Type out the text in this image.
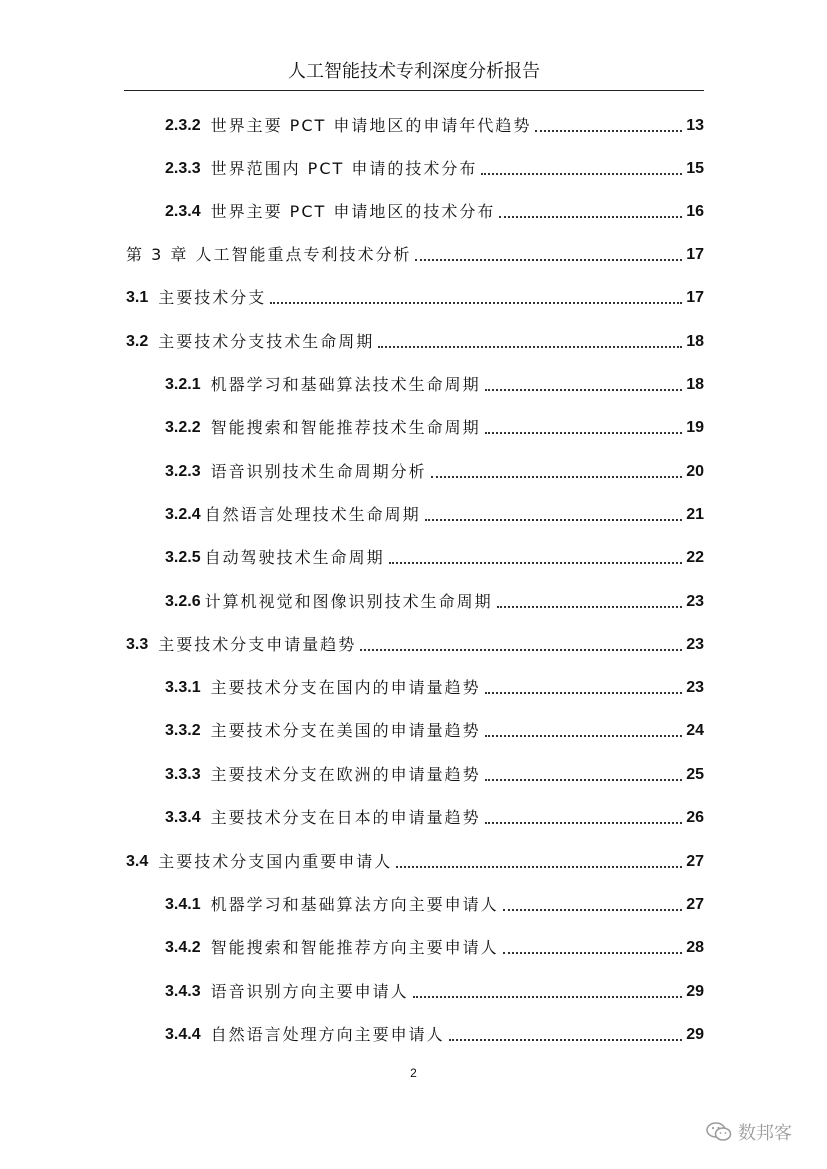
人工智能技术专利深度分析报告
2.3.2 世界主要 PCT 申请地区的申请年代趋势	13
2.3.3 世界范围内 PCT 申请的技术分布	15
2.3.4 世界主要 PCT 申请地区的技术分布	16
第 3 章 人工智能重点专利技术分析	17
3.1 主要技术分支	17
3.2 主要技术分支技术生命周期	18
3.2.1 机器学习和基础算法技术生命周期	18
3.2.2 智能搜索和智能推荐技术生命周期	19
3.2.3 语音识别技术生命周期分析	20
3.2.4 自然语言处理技术生命周期	21
3.2.5 自动驾驶技术生命周期	22
3.2.6 计算机视觉和图像识别技术生命周期	23
3.3 主要技术分支申请量趋势	23
3.3.1 主要技术分支在国内的申请量趋势	23
3.3.2 主要技术分支在美国的申请量趋势	24
3.3.3 主要技术分支在欧洲的申请量趋势	25
3.3.4 主要技术分支在日本的申请量趋势	26
3.4 主要技术分支国内重要申请人	27
3.4.1 机器学习和基础算法方向主要申请人	27
3.4.2 智能搜索和智能推荐方向主要申请人	28
3.4.3 语音识别方向主要申请人	29
3.4.4 自然语言处理方向主要申请人	29
2
数邦客
